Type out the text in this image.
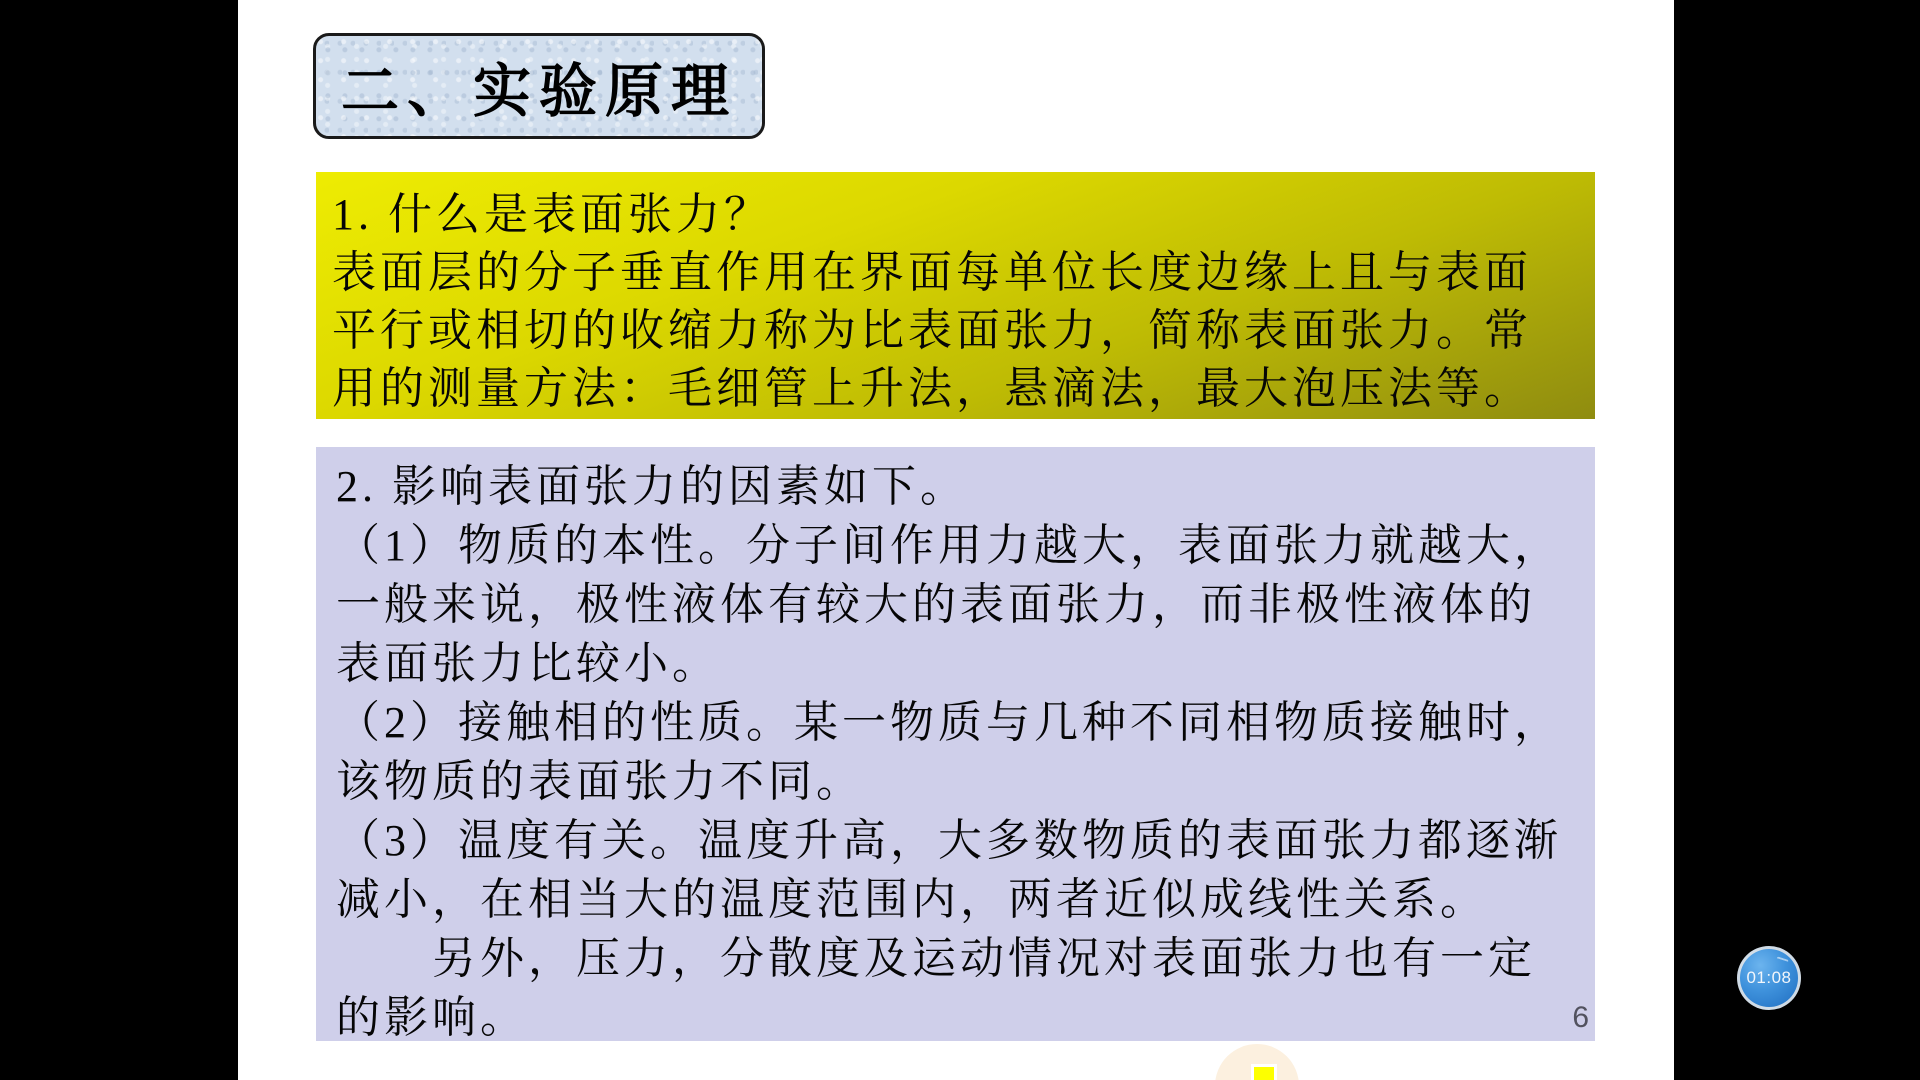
二、实验原理
1. 什么是表面张力？
表面层的分子垂直作用在界面每单位长度边缘上且与表面
平行或相切的收缩力称为比表面张力，简称表面张力。常
用的测量方法：毛细管上升法，悬滴法，最大泡压法等。
2. 影响表面张力的因素如下。
（1）物质的本性。分子间作用力越大，表面张力就越大，
一般来说，极性液体有较大的表面张力，而非极性液体的
表面张力比较小。
（2）接触相的性质。某一物质与几种不同相物质接触时，
该物质的表面张力不同。
（3）温度有关。温度升高，大多数物质的表面张力都逐渐
减小，在相当大的温度范围内，两者近似成线性关系。
　　另外，压力，分散度及运动情况对表面张力也有一定
的影响。	6
01:08
